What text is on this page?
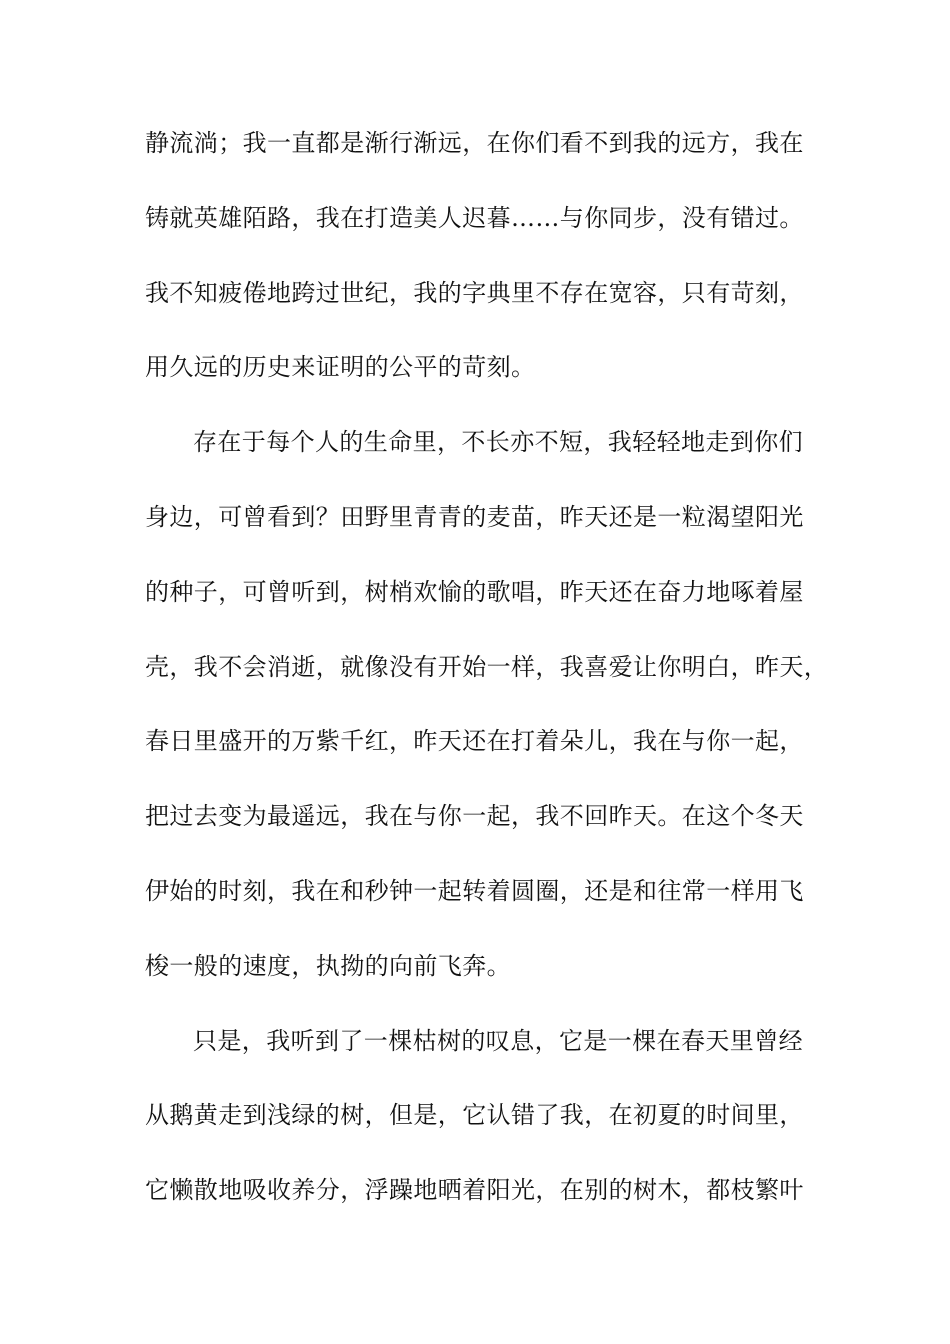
静流淌；我一直都是渐行渐远，在你们看不到我的远方，我在
铸就英雄陌路，我在打造美人迟暮……与你同步，没有错过。
我不知疲倦地跨过世纪，我的字典里不存在宽容，只有苛刻，
用久远的历史来证明的公平的苛刻。
存在于每个人的生命里，不长亦不短，我轻轻地走到你们
身边，可曾看到？田野里青青的麦苗，昨天还是一粒渴望阳光
的种子，可曾听到，树梢欢愉的歌唱，昨天还在奋力地啄着屋
壳，我不会消逝，就像没有开始一样，我喜爱让你明白，昨天，
春日里盛开的万紫千红，昨天还在打着朵儿，我在与你一起，
把过去变为最遥远，我在与你一起，我不回昨天。在这个冬天
伊始的时刻，我在和秒钟一起转着圆圈，还是和往常一样用飞
梭一般的速度，执拗的向前飞奔。
只是，我听到了一棵枯树的叹息，它是一棵在春天里曾经
从鹅黄走到浅绿的树，但是，它认错了我，在初夏的时间里，
它懒散地吸收养分，浮躁地晒着阳光，在别的树木，都枝繁叶
